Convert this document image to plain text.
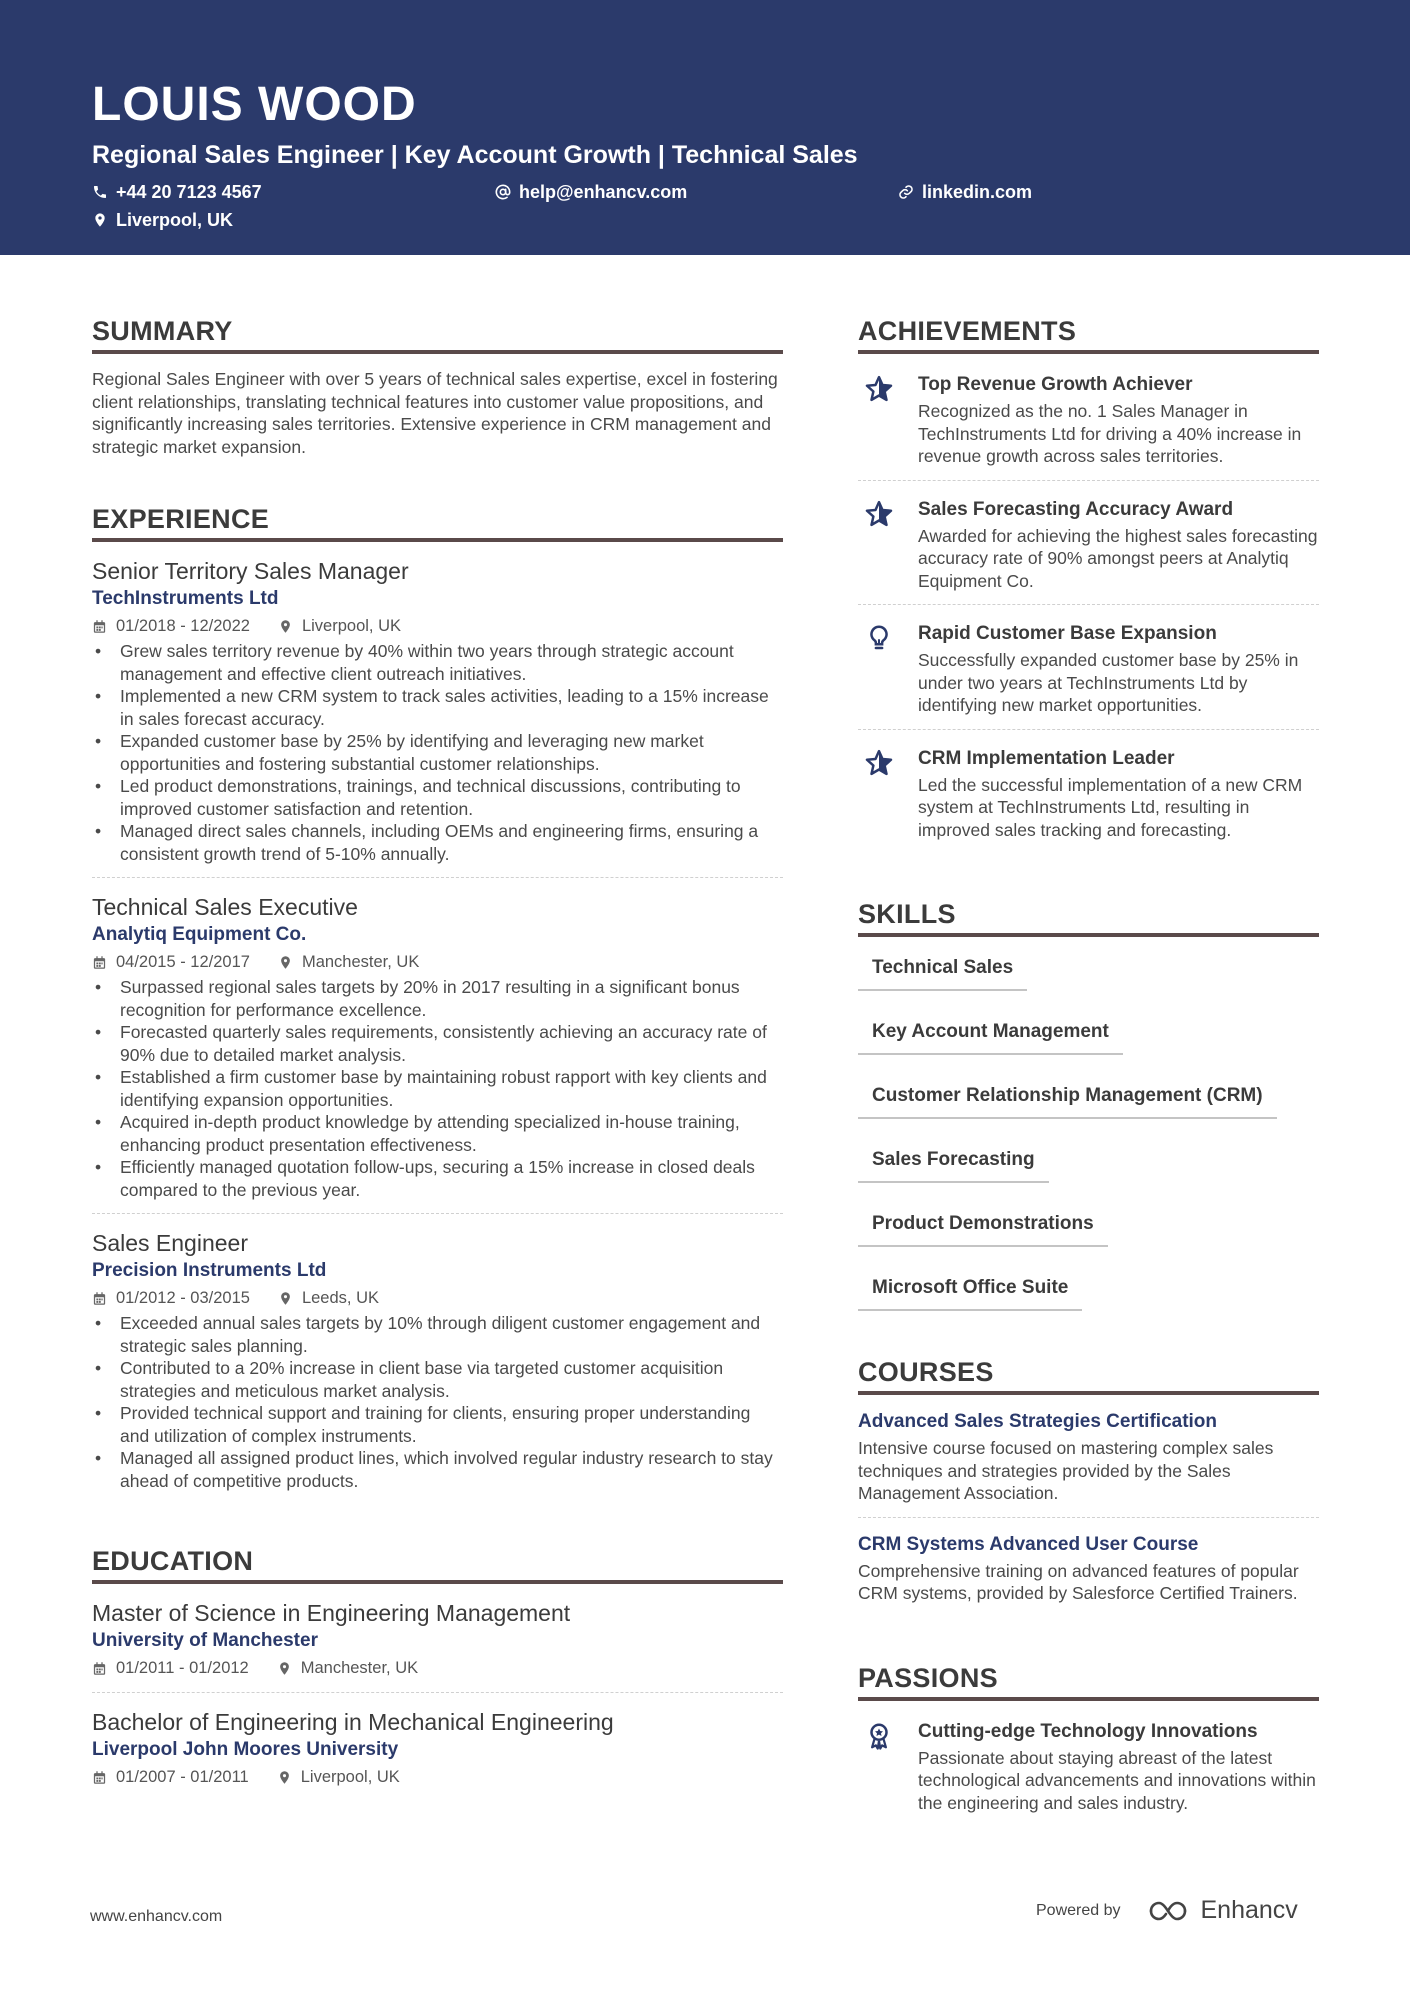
LOUIS WOOD
Regional Sales Engineer | Key Account Growth | Technical Sales
+44 20 7123 4567	help@enhancv.com	linkedin.com
Liverpool, UK
SUMMARY
Regional Sales Engineer with over 5 years of technical sales expertise, excel in fostering client relationships, translating technical features into customer value propositions, and significantly increasing sales territories. Extensive experience in CRM management and strategic market expansion.
EXPERIENCE
Senior Territory Sales Manager
TechInstruments Ltd
01/2018 - 12/2022	Liverpool, UK
• Grew sales territory revenue by 40% within two years through strategic account management and effective client outreach initiatives.
• Implemented a new CRM system to track sales activities, leading to a 15% increase in sales forecast accuracy.
• Expanded customer base by 25% by identifying and leveraging new market opportunities and fostering substantial customer relationships.
• Led product demonstrations, trainings, and technical discussions, contributing to improved customer satisfaction and retention.
• Managed direct sales channels, including OEMs and engineering firms, ensuring a consistent growth trend of 5-10% annually.
Technical Sales Executive
Analytiq Equipment Co.
04/2015 - 12/2017	Manchester, UK
• Surpassed regional sales targets by 20% in 2017 resulting in a significant bonus recognition for performance excellence.
• Forecasted quarterly sales requirements, consistently achieving an accuracy rate of 90% due to detailed market analysis.
• Established a firm customer base by maintaining robust rapport with key clients and identifying expansion opportunities.
• Acquired in-depth product knowledge by attending specialized in-house training, enhancing product presentation effectiveness.
• Efficiently managed quotation follow-ups, securing a 15% increase in closed deals compared to the previous year.
Sales Engineer
Precision Instruments Ltd
01/2012 - 03/2015	Leeds, UK
• Exceeded annual sales targets by 10% through diligent customer engagement and strategic sales planning.
• Contributed to a 20% increase in client base via targeted customer acquisition strategies and meticulous market analysis.
• Provided technical support and training for clients, ensuring proper understanding and utilization of complex instruments.
• Managed all assigned product lines, which involved regular industry research to stay ahead of competitive products.
EDUCATION
Master of Science in Engineering Management
University of Manchester
01/2011 - 01/2012	Manchester, UK
Bachelor of Engineering in Mechanical Engineering
Liverpool John Moores University
01/2007 - 01/2011	Liverpool, UK
ACHIEVEMENTS
Top Revenue Growth Achiever
Recognized as the no. 1 Sales Manager in TechInstruments Ltd for driving a 40% increase in revenue growth across sales territories.
Sales Forecasting Accuracy Award
Awarded for achieving the highest sales forecasting accuracy rate of 90% amongst peers at Analytiq Equipment Co.
Rapid Customer Base Expansion
Successfully expanded customer base by 25% in under two years at TechInstruments Ltd by identifying new market opportunities.
CRM Implementation Leader
Led the successful implementation of a new CRM system at TechInstruments Ltd, resulting in improved sales tracking and forecasting.
SKILLS
Technical Sales
Key Account Management
Customer Relationship Management (CRM)
Sales Forecasting
Product Demonstrations
Microsoft Office Suite
COURSES
Advanced Sales Strategies Certification
Intensive course focused on mastering complex sales techniques and strategies provided by the Sales Management Association.
CRM Systems Advanced User Course
Comprehensive training on advanced features of popular CRM systems, provided by Salesforce Certified Trainers.
PASSIONS
Cutting-edge Technology Innovations
Passionate about staying abreast of the latest technological advancements and innovations within the engineering and sales industry.
www.enhancv.com	Powered by	Enhancv
